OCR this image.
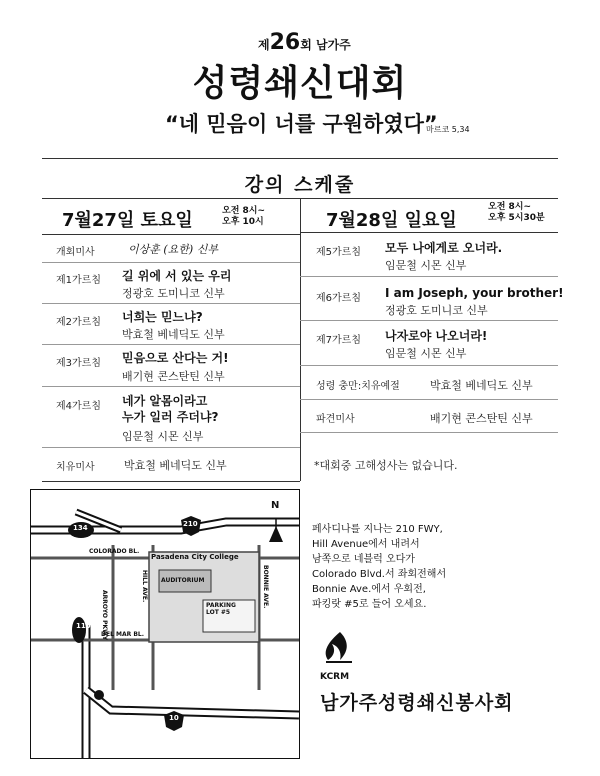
제26회 남가주
성령쇄신대회
“네 믿음이 너를 구원하였다”
마르코 5,34
강의 스케줄
7월27일 토요일	오전 8시~
오후 10시
개회미사	이상훈 (요한) 신부
제1가르침 길 위에 서 있는 우리
정광호 도미니코 신부
제2가르침 너희는 믿느냐?
박효철 베네딕도 신부
제3가르침 믿음으로 산다는 거!
배기현 콘스탄틴 신부
제4가르침 네가 알몸이라고
누가 일러 주더냐?
임문철 시몬 신부
치유미사	박효철 베네딕도 신부
7월28일 일요일
오전 8시~
오후 5시30분
제5가르침 모두 나에게로 오너라.
임문철 시몬 신부
제6가르침 I am Joseph, your brother!
정광호 도미니코 신부
제7가르침 나자로야 나오너라!
임문철 시몬 신부
성령 충만:치유예절	박효철 베네딕도 신부
파견미사	배기현 콘스탄틴 신부
*대회중 고해성사는 없습니다.
134	210
110
10
N
COLORADO BL.
DEL MAR BL.
ARROYO PKWY
HILL AVE.	BONNIE AVE.
Pasadena City College
AUDITORIUM
PARKING
LOT #5
페사디나를 지나는 210 FWY,
Hill Avenue에서 내려서
남쪽으로 네블럭 오다가
Colorado Blvd.서 좌회전해서
Bonnie Ave.에서 우회전,
파킹랏 #5로 들어 오세요.
KCRM
남가주성령쇄신봉사회
